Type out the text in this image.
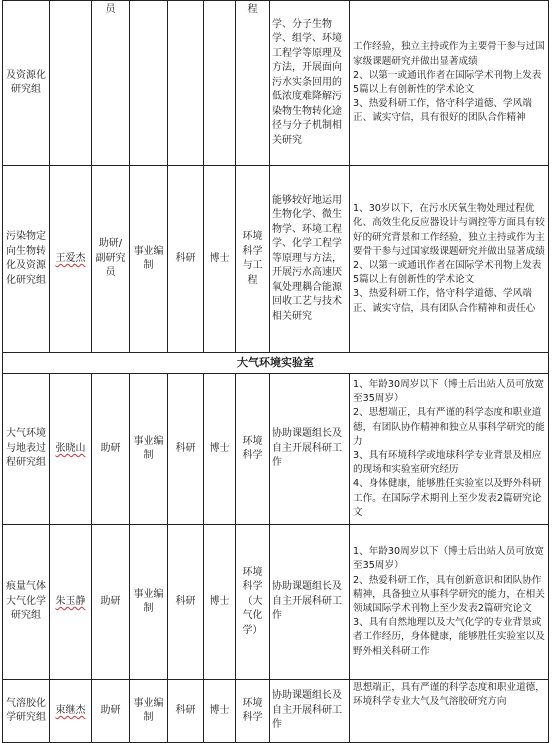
及资源化研究组		员				程	学、分子生物学、组学、环境工程学等原理及方法，开展面向污水实条回用的低浓度难降解污染物生物转化途径与分子机制相关研究	工作经验，独立主持或作为主要骨干参与过国家级课题研究并做出显著成绩
2、以第一或通讯作者在国际学术刊物上发表5篇以上有创新性的学术论文
3、热爱科研工作，恪守科学道德、学风端正、诚实守信，具有很好的团队合作精神

污染物定向生物转化及资源化研究组	王爱杰	助研/副研究员	事业编制	科研	博士	环境科学与工程	能够较好地运用生物化学、微生物学、环境工程学、化学工程学等原理与方法，开展污水高速厌氧处理耦合能源回收工艺与技术相关研究	1、30岁以下，在污水厌氧生物处理过程优化、高效生化反应器设计与调控等方面具有较好的研究背景和工作经验，独立主持或作为主要骨干参与过国家级课题研究并做出显著成绩
2、以第一或通讯作者在国际学术刊物上发表5篇以上有创新性的学术论文
3、热爱科研工作，恪守科学道德、学风端正、诚实守信，具有团队合作精神和责任心

大气环境实验室								
大气环境与地表过程研究组	张晓山	助研	事业编制	科研	博士	环境科学	协助课题组长及自主开展科研工作	1、年龄30周岁以下（博士后出站人员可放宽至35周岁）
2、思想端正，具有严谨的科学态度和职业道德，有团队协作精神和独立从事科学研究的能力
3、具有环境科学或地球科学专业背景及相应的现场和实验室研究经历
4、身体健康，能够胜任实验室以及野外科研工作。在国际学术期刊上至少发表2篇研究论文

痕量气体大气化学研究组	朱玉静	助研	事业编制	科研	博士	环境科学（大气化学）	协助课题组长及自主开展科研工作	1、年龄30周岁以下（博士后出站人员可放宽至35周岁）
2、热爱科研工作，具有创新意识和团队协作精神，具备独立从事科学研究的能力，在相关领域国际学术刊物上至少发表2篇研究论文
3、具有自然地理以及大气化学的专业背景或者工作经历，身体健康，能够胜任实验室以及野外相关科研工作

气溶胶化学研究组	束继杰	助研	事业编制	科研	博士	环境科学	协助课题组长及自主开展科研工作	思想端正，具有严谨的科学态度和职业道德，环境科学专业大气及气溶胶研究方向
